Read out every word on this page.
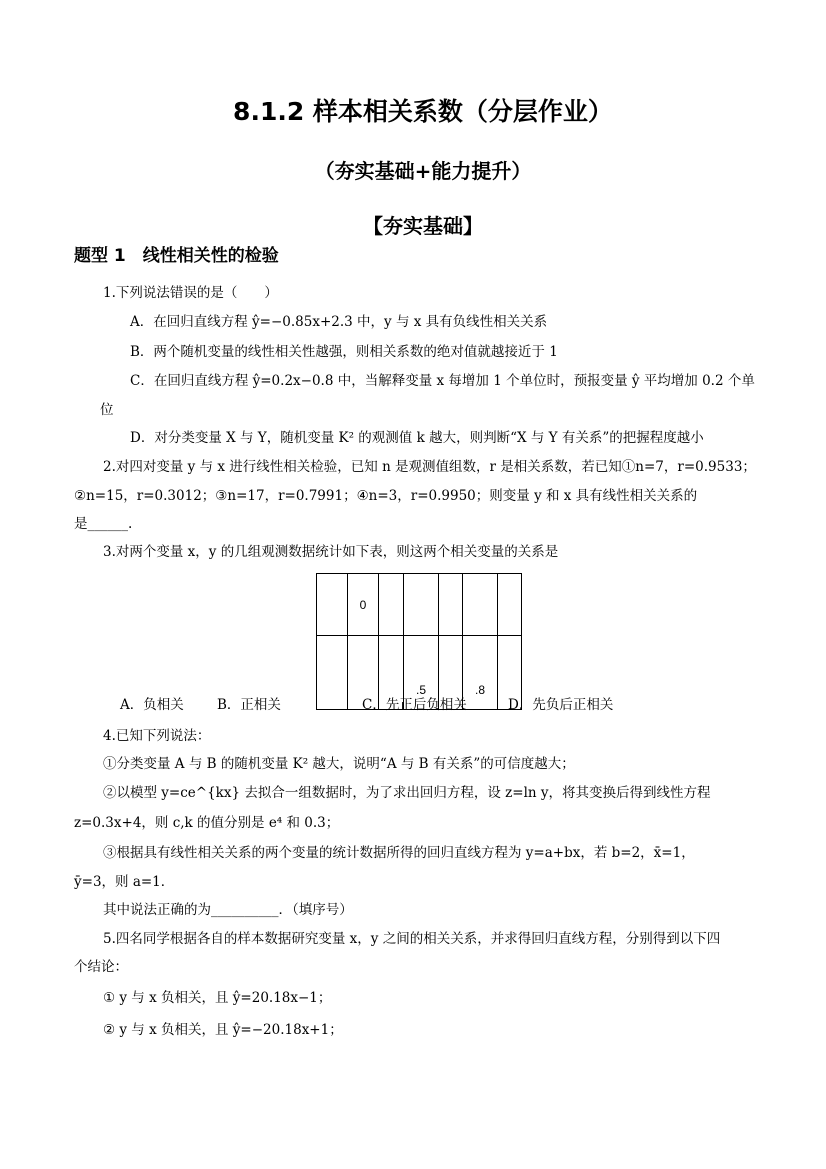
8.1.2 样本相关系数（分层作业）
（夯实基础+能力提升）
【夯实基础】
题型 1　线性相关性的检验
1.下列说法错误的是（　　）
A．在回归直线方程 ŷ=−0.85x+2.3 中，y 与 x 具有负线性相关关系
B．两个随机变量的线性相关性越强，则相关系数的绝对值就越接近于 1
C．在回归直线方程 ŷ=0.2x−0.8 中，当解释变量 x 每增加 1 个单位时，预报变量 ŷ 平均增加 0.2 个单
位
D．对分类变量 X 与 Y，随机变量 K² 的观测值 k 越大，则判断“X 与 Y 有关系”的把握程度越小
2.对四对变量 y 与 x 进行线性相关检验，已知 n 是观测值组数，r 是相关系数，若已知①n=7，r=0.9533；
②n=15，r=0.3012；③n=17，r=0.7991；④n=3，r=0.9950；则变量 y 和 x 具有线性相关关系的
是______.
3.对两个变量 x，y 的几组观测数据统计如下表，则这两个相关变量的关系是
	0					
			.5		.8	
A．负相关 B．正相关	C．先正后负相关	D．先负后正相关
4.已知下列说法：
①分类变量 A 与 B 的随机变量 K² 越大，说明“A 与 B 有关系”的可信度越大；
②以模型 y=ce^{kx} 去拟合一组数据时，为了求出回归方程，设 z=ln y，将其变换后得到线性方程
z=0.3x+4，则 c,k 的值分别是 e⁴ 和 0.3；
③根据具有线性相关关系的两个变量的统计数据所得的回归直线方程为 y=a+bx，若 b=2，x̄=1，
ȳ=3，则 a=1．
其中说法正确的为__________．（填序号）
5.四名同学根据各自的样本数据研究变量 x，y 之间的相关关系，并求得回归直线方程，分别得到以下四
个结论：
① y 与 x 负相关，且 ŷ=20.18x−1；
② y 与 x 负相关，且 ŷ=−20.18x+1；
